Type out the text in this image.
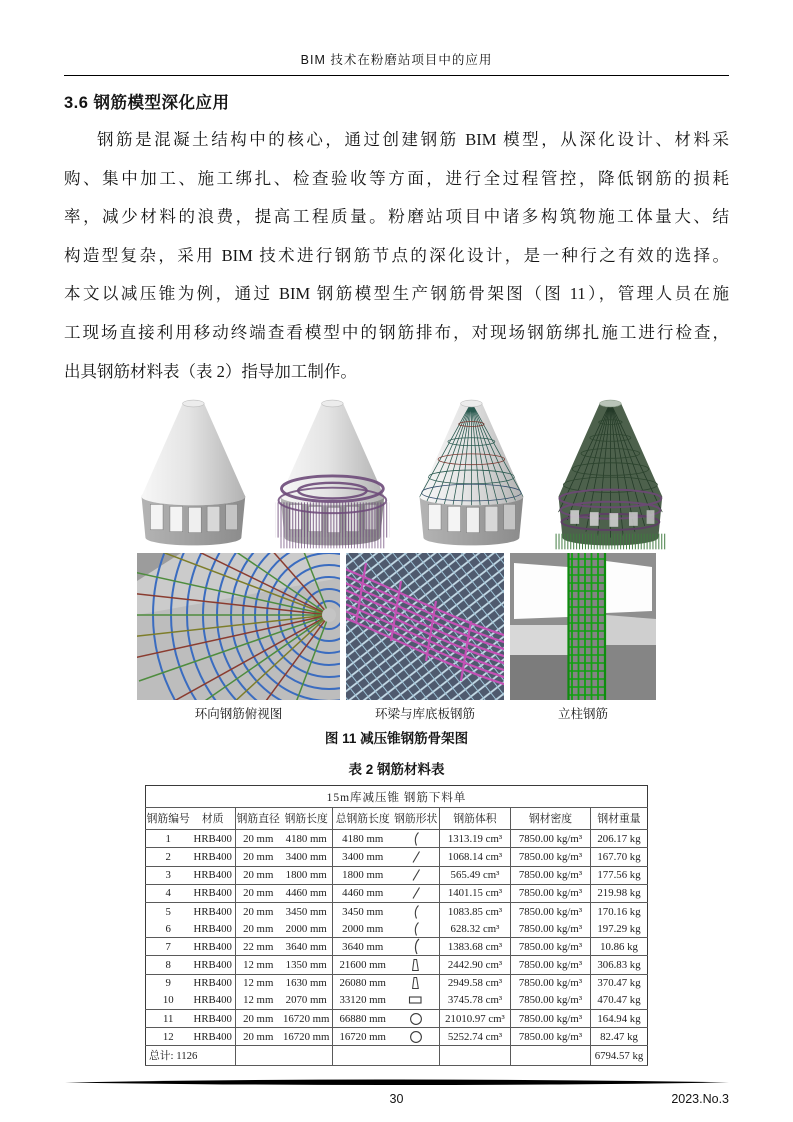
BIM 技术在粉磨站项目中的应用
3.6 钢筋模型深化应用
钢筋是混凝土结构中的核心，通过创建钢筋 BIM 模型，从深化设计、材料采
购、集中加工、施工绑扎、检查验收等方面，进行全过程管控，降低钢筋的损耗
率，减少材料的浪费，提高工程质量。粉磨站项目中诸多构筑物施工体量大、结
构造型复杂，采用 BIM 技术进行钢筋节点的深化设计，是一种行之有效的选择。
本文以减压锥为例，通过 BIM 钢筋模型生产钢筋骨架图（图 11），管理人员在施
工现场直接利用移动终端查看模型中的钢筋排布，对现场钢筋绑扎施工进行检查，
出具钢筋材料表（表 2）指导加工制作。
环向钢筋俯视图	环梁与库底板钢筋	立柱钢筋
图 11 减压锥钢筋骨架图
表 2 钢筋材料表
15m库减压锥 钢筋下料单								
钢筋编号	材质	钢筋直径	钢筋长度	总钢筋长度	钢筋形状	钢筋体积	钢材密度	钢材重量
1	HRB400	20 mm	4180 mm	4180 mm		1313.19 cm³	7850.00 kg/m³	206.17 kg
2	HRB400	20 mm	3400 mm	3400 mm		1068.14 cm³	7850.00 kg/m³	167.70 kg
3	HRB400	20 mm	1800 mm	1800 mm		565.49 cm³	7850.00 kg/m³	177.56 kg
4	HRB400	20 mm	4460 mm	4460 mm		1401.15 cm³	7850.00 kg/m³	219.98 kg
5	HRB400	20 mm	3450 mm	3450 mm		1083.85 cm³	7850.00 kg/m³	170.16 kg
6	HRB400	20 mm	2000 mm	2000 mm		628.32 cm³	7850.00 kg/m³	197.29 kg
7	HRB400	22 mm	3640 mm	3640 mm		1383.68 cm³	7850.00 kg/m³	10.86 kg
8	HRB400	12 mm	1350 mm	21600 mm		2442.90 cm³	7850.00 kg/m³	306.83 kg
9	HRB400	12 mm	1630 mm	26080 mm		2949.58 cm³	7850.00 kg/m³	370.47 kg
10	HRB400	12 mm	2070 mm	33120 mm		3745.78 cm³	7850.00 kg/m³	470.47 kg
11	HRB400	20 mm	16720 mm	66880 mm		21010.97 cm³	7850.00 kg/m³	164.94 kg
12	HRB400	20 mm	16720 mm	16720 mm		5252.74 cm³	7850.00 kg/m³	82.47 kg
总计: 1126								6794.57 kg
30	2023.No.3
